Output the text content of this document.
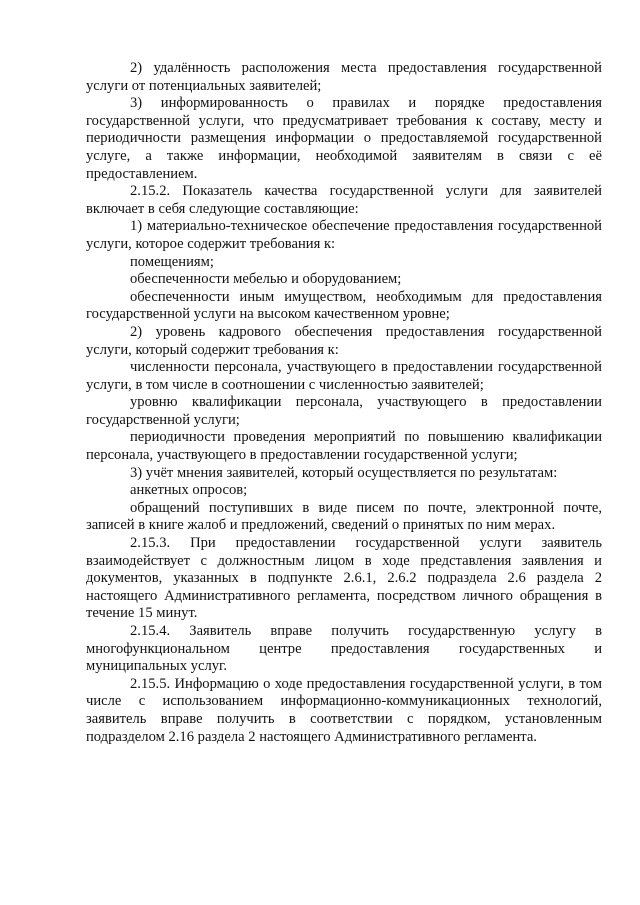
2) удалённость расположения места предоставления государственной услуги от потенциальных заявителей;

3) информированность о правилах и порядке предоставления государственной услуги, что предусматривает требования к составу, месту и периодичности размещения информации о предоставляемой государственной услуге, а также информации, необходимой заявителям в связи с её предоставлением.

2.15.2. Показатель качества государственной услуги для заявителей включает в себя следующие составляющие:

1) материально-техническое обеспечение предоставления государственной услуги, которое содержит требования к:

помещениям;

обеспеченности мебелью и оборудованием;

обеспеченности иным имуществом, необходимым для предоставления государственной услуги на высоком качественном уровне;

2) уровень кадрового обеспечения предоставления государственной услуги, который содержит требования к:

численности персонала, участвующего в предоставлении государственной услуги, в том числе в соотношении с численностью заявителей;

уровню квалификации персонала, участвующего в предоставлении государственной услуги;

периодичности проведения мероприятий по повышению квалификации персонала, участвующего в предоставлении государственной услуги;

3) учёт мнения заявителей, который осуществляется по результатам:

анкетных опросов;

обращений поступивших в виде писем по почте, электронной почте, записей в книге жалоб и предложений, сведений о принятых по ним мерах.

2.15.3. При предоставлении государственной услуги заявитель взаимодействует с должностным лицом в ходе представления заявления и документов, указанных в подпункте 2.6.1, 2.6.2 подраздела 2.6 раздела 2 настоящего Административного регламента, посредством личного обращения в течение 15 минут.

2.15.4. Заявитель вправе получить государственную услугу в многофункциональном центре предоставления государственных и муниципальных услуг.

2.15.5. Информацию о ходе предоставления государственной услуги, в том числе с использованием информационно-коммуникационных технологий, заявитель вправе получить в соответствии с порядком, установленным подразделом 2.16 раздела 2 настоящего Административного регламента.
